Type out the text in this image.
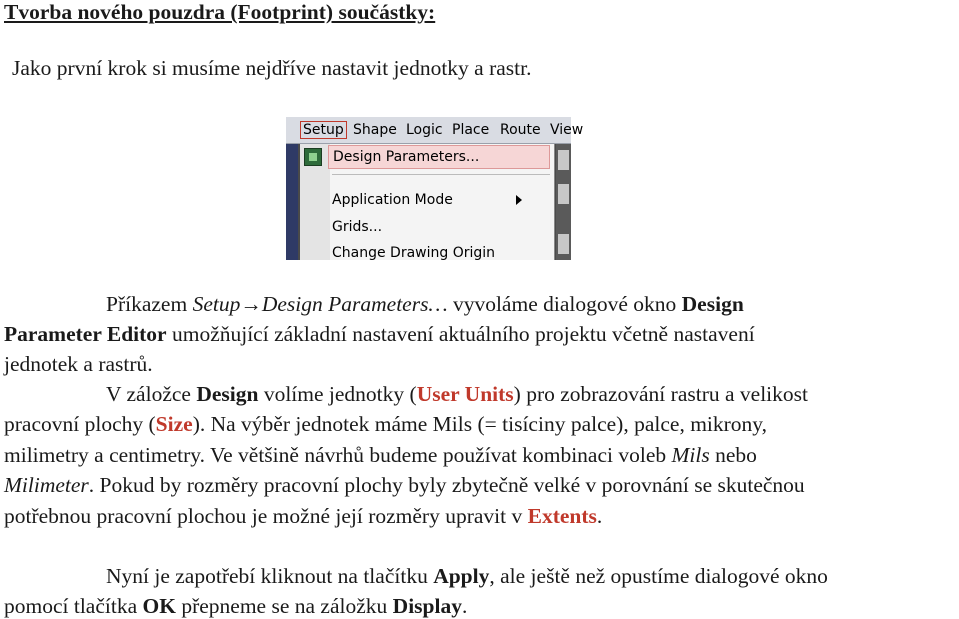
Tvorba nového pouzdra (Footprint) součástky:
Jako první krok si musíme nejdříve nastavit jednotky a rastr.
Setup Shape Logic Place Route View
Design Parameters...
Application Mode
Grids...
Change Drawing Origin
Příkazem Setup→Design Parameters… vyvoláme dialogové okno Design
Parameter Editor umožňující základní nastavení aktuálního projektu včetně nastavení
jednotek a rastrů.
V záložce Design volíme jednotky (User Units) pro zobrazování rastru a velikost
pracovní plochy (Size). Na výběr jednotek máme Mils (= tisíciny palce), palce, mikrony,
milimetry a centimetry. Ve většině návrhů budeme používat kombinaci voleb Mils nebo
Milimeter. Pokud by rozměry pracovní plochy byly zbytečně velké v porovnání se skutečnou
potřebnou pracovní plochou je možné její rozměry upravit v Extents.
Nyní je zapotřebí kliknout na tlačítku Apply, ale ještě než opustíme dialogové okno
pomocí tlačítka OK přepneme se na záložku Display.
